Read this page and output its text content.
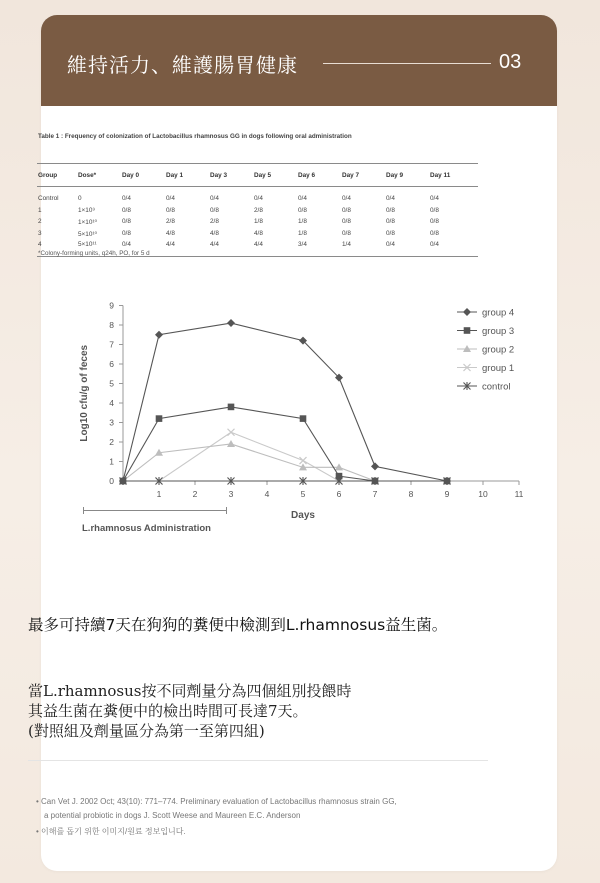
維持活力、維護腸胃健康	03
Table 1 : Frequency of colonization of Lactobacillus rhamnosus GG in dogs following oral administration
Group	Dose*	Day 0	Day 1	Day 3	Day 5	Day 6	Day 7	Day 9	Day 11
Control	0	0/4	0/4	0/4	0/4	0/4	0/4	0/4	0/4
1	1×10⁹	0/8	0/8	0/8	2/8	0/8	0/8	0/8	0/8
2	1×10¹⁰	0/8	2/8	2/8	1/8	1/8	0/8	0/8	0/8
3	5×10¹⁰	0/8	4/8	4/8	4/8	1/8	0/8	0/8	0/8
4	5×10¹¹	0/4	4/4	4/4	4/4	3/4	1/4	0/4	0/4
*Colony-forming units, q24h, PO, for 5 d
0
1
2
3
4
5
6
7
8
9
1	2	3	4	5	6	7	8	9	10	11
group 4
group 3
group 2
group 1
control
Log10 cfu/g of feces
Days
L.rhamnosus Administration
最多可持續7天在狗狗的糞便中檢測到L.rhamnosus益生菌。
當L.rhamnosus按不同劑量分為四個組別投餵時
其益生菌在糞便中的檢出時間可長達7天。
(對照組及劑量區分為第一至第四組)
• Can Vet J. 2002 Oct; 43(10): 771–774. Preliminary evaluation of Lactobacillus rhamnosus strain GG,
a potential probiotic in dogs J. Scott Weese and Maureen E.C. Anderson
• 이해를 돕기 위한 이미지/원료 정보입니다.
